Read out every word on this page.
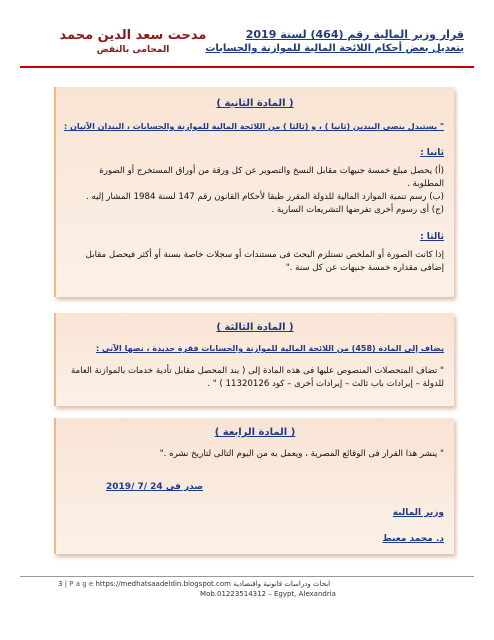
قرار وزير المالية رقم (464) لسنة 2019
بتعديل بعض أحكام اللائحة المالية للموازنة والحسابات
مدحت سعد الدين محمد
المحامى بالنقض
( المادة الثانية )
" يستبدل بنصى البندين (ثانيا ) ، و (ثالثا ) من اللائحة المالية للموازنة والحسابات ، البندان الآتيان :
ثانيا :
(أ) يحصل مبلغ خمسة جنيهات مقابل النسخ والتصوير عن كل ورقة من أوراق المستخرج أو الصورة المطلوبة .
(ب) رسم تنمية الموارد المالية للدولة المقرر طبقا لأحكام القانون رقم 147 لسنة 1984 المشار إليه .
(ج) أى رسوم أخرى تفرضها التشريعات السارية .
ثالثا :
إذا كانت الصورة أو الملخص تستلزم البحث فى مستندات أو سجلات خاصة بسنة أو أكثر فيحصل مقابل إضافى مقداره خمسة جنيهات عن كل سنة ."
( المادة الثالثة )
يضاف إلى المادة (458) من اللائحة المالية للموازنة والحسابات فقرة جديدة ، نصها الآتى :
" تضاف المتحصلات المنصوص عليها فى هذه المادة إلى ( بند المحصل مقابل تأدية خدمات بالموازنة العامة للدولة – إيرادات باب ثالث – إيرادات أخرى – كود 11320126 ) " .
( المادة الرابعة )
" ينشر هذا القرار فى الوقائع المصرية ، ويعمل به من اليوم التالى لتاريخ نشره ."
صدر فى 24 /7 /2019
وزير المالية
د. محمد معيط
3 | P a g e https://medhatsaadeldin.blogspot.com ابحاث ودراسات قانونية واقتصادية
Mob.01223514312 – Egypt, Alexandria
